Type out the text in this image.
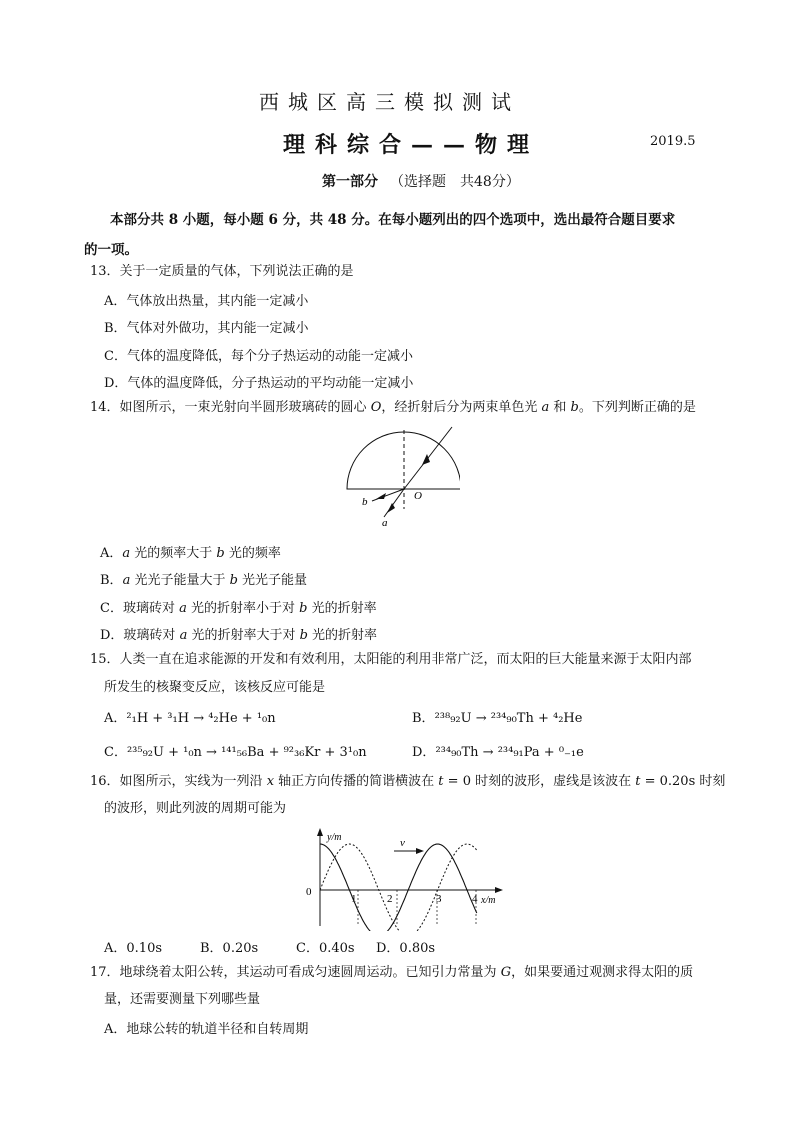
西城区高三模拟测试
理科综合——物理	2019.5
第一部分 （选择题　共48分）
本部分共 8 小题，每小题 6 分，共 48 分。在每小题列出的四个选项中，选出最符合题目要求
的一项。
13．关于一定质量的气体，下列说法正确的是
A．气体放出热量，其内能一定减小
B．气体对外做功，其内能一定减小
C．气体的温度降低，每个分子热运动的动能一定减小
D．气体的温度降低，分子热运动的平均动能一定减小
14．如图所示，一束光射向半圆形玻璃砖的圆心 O，经折射后分为两束单色光 a 和 b。下列判断正确的是
O
b
a
A．a 光的频率大于 b 光的频率
B．a 光光子能量大于 b 光光子能量
C．玻璃砖对 a 光的折射率小于对 b 光的折射率
D．玻璃砖对 a 光的折射率大于对 b 光的折射率
15．人类一直在追求能源的开发和有效利用，太阳能的利用非常广泛，而太阳的巨大能量来源于太阳内部
所发生的核聚变反应，该核反应可能是
A．²₁H + ³₁H → ⁴₂He + ¹₀n	B．²³⁸₉₂U → ²³⁴₉₀Th + ⁴₂He
C．²³⁵₉₂U + ¹₀n → ¹⁴¹₅₆Ba + ⁹²₃₆Kr + 3¹₀n	D．²³⁴₉₀Th → ²³⁴₉₁Pa + ⁰₋₁e
16．如图所示，实线为一列沿 x 轴正方向传播的简谐横波在 t = 0 时刻的波形，虚线是该波在 t = 0.20s 时刻
的波形，则此列波的周期可能为
y/m
x/m
0
v
1	2	3	4
A．0.10s	B．0.20s	C．0.40s D．0.80s
17．地球绕着太阳公转，其运动可看成匀速圆周运动。已知引力常量为 G，如果要通过观测求得太阳的质
量，还需要测量下列哪些量
A．地球公转的轨道半径和自转周期
